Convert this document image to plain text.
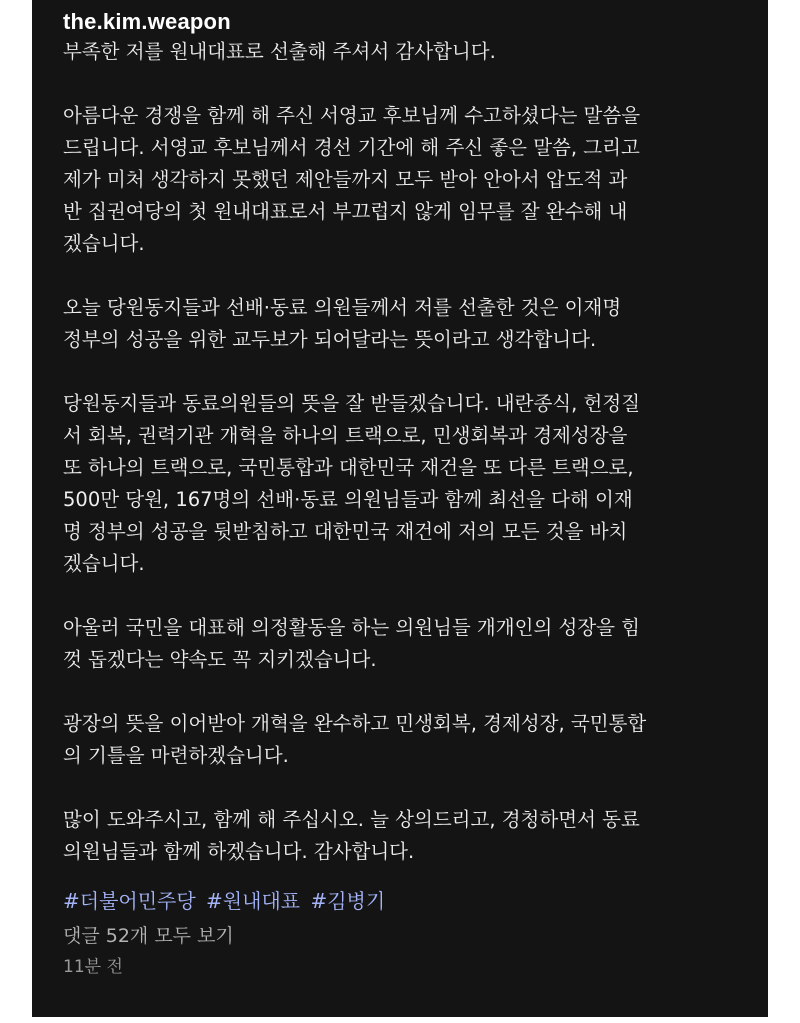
the.kim.weapon
부족한 저를 원내대표로 선출해 주셔서 감사합니다.
아름다운 경쟁을 함께 해 주신 서영교 후보님께 수고하셨다는 말씀을
드립니다. 서영교 후보님께서 경선 기간에 해 주신 좋은 말씀, 그리고
제가 미처 생각하지 못했던 제안들까지 모두 받아 안아서 압도적 과
반 집권여당의 첫 원내대표로서 부끄럽지 않게 임무를 잘 완수해 내
겠습니다.
오늘 당원동지들과 선배·동료 의원들께서 저를 선출한 것은 이재명
정부의 성공을 위한 교두보가 되어달라는 뜻이라고 생각합니다.
당원동지들과 동료의원들의 뜻을 잘 받들겠습니다. 내란종식, 헌정질
서 회복, 권력기관 개혁을 하나의 트랙으로, 민생회복과 경제성장을
또 하나의 트랙으로, 국민통합과 대한민국 재건을 또 다른 트랙으로,
500만 당원, 167명의 선배·동료 의원님들과 함께 최선을 다해 이재
명 정부의 성공을 뒷받침하고 대한민국 재건에 저의 모든 것을 바치
겠습니다.
아울러 국민을 대표해 의정활동을 하는 의원님들 개개인의 성장을 힘
껏 돕겠다는 약속도 꼭 지키겠습니다.
광장의 뜻을 이어받아 개혁을 완수하고 민생회복, 경제성장, 국민통합
의 기틀을 마련하겠습니다.
많이 도와주시고, 함께 해 주십시오. 늘 상의드리고, 경청하면서 동료
의원님들과 함께 하겠습니다. 감사합니다.
#더불어민주당 #원내대표 #김병기
댓글 52개 모두 보기
11분 전
